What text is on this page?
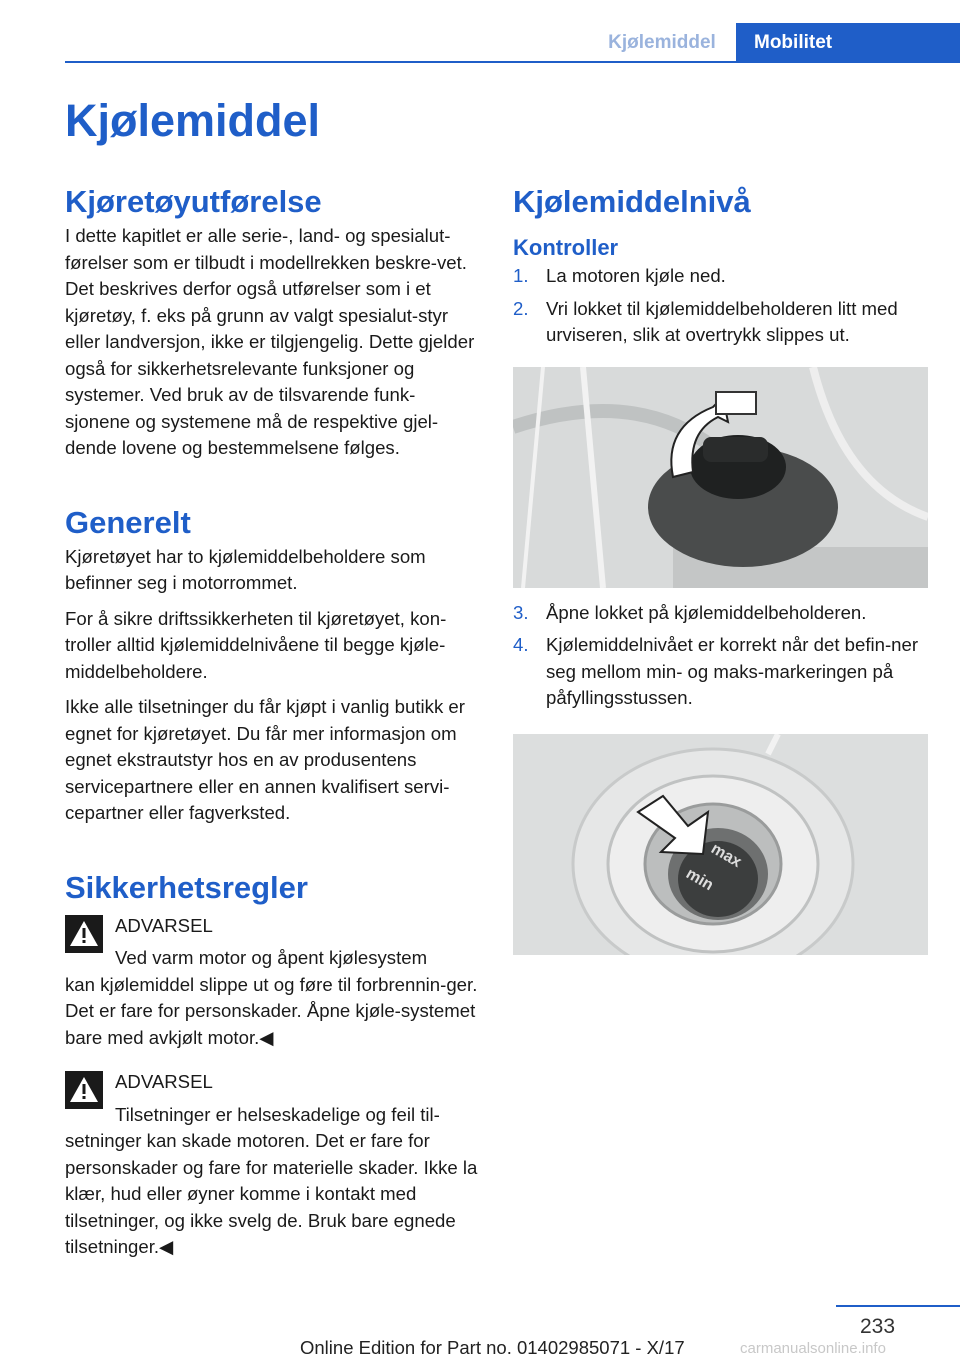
Kjølemiddel	Mobilitet
Kjølemiddel
Kjøretøyutførelse

I dette kapitlet er alle serie-, land- og spesialut‐førelser som er tilbudt i modellrekken beskre‐vet. Det beskrives derfor også utførelser som i et kjøretøy, f. eks på grunn av valgt spesialut‐styr eller landversjon, ikke er tilgjengelig. Dette gjelder også for sikkerhetsrelevante funksjoner og systemer. Ved bruk av de tilsvarende funk‐sjonene og systemene må de respektive gjel‐dende lovene og bestemmelsene følges.

Generelt

Kjøretøyet har to kjølemiddelbeholdere som befinner seg i motorrommet.

For å sikre driftssikkerheten til kjøretøyet, kon‐troller alltid kjølemiddelnivåene til begge kjøle‐middelbeholdere.

Ikke alle tilsetninger du får kjøpt i vanlig butikk er egnet for kjøretøyet. Du får mer informasjon om egnet ekstrautstyr hos en av produsentens servicepartnere eller en annen kvalifisert servi‐cepartner eller fagverksted.

Sikkerhetsregler

ADVARSEL

Ved varm motor og åpent kjølesystem

kan kjølemiddel slippe ut og føre til forbrennin‐ger. Det er fare for personskader. Åpne kjøle‐systemet bare med avkjølt motor.◀

ADVARSEL

Tilsetninger er helseskadelige og feil til‐

setninger kan skade motoren. Det er fare for personskader og fare for materielle skader. Ikke la klær, hud eller øyner komme i kontakt med tilsetninger, og ikke svelg de. Bruk bare egnede tilsetninger.◀

Kjølemiddelnivå
Kontroller
1. La motoren kjøle ned.
2. Vri lokket til kjølemiddelbeholderen litt med urviseren, slik at overtrykk slippes ut.
3. Åpne lokket på kjølemiddelbeholderen.
4. Kjølemiddelnivået er korrekt når det befin‐ner seg mellom min- og maks-markeringen på påfyllingsstussen.
max
min
233
Online Edition for Part no. 01402985071 - X/17	carmanualsonline.info
